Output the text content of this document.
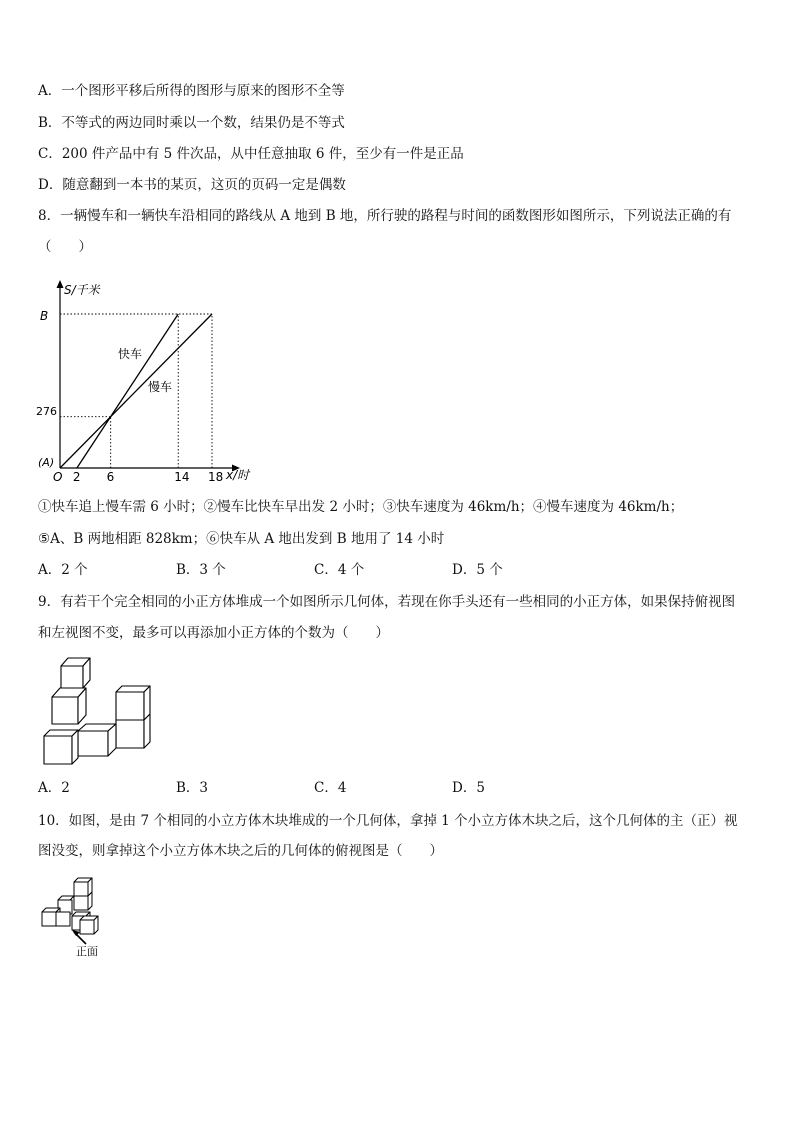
A．一个图形平移后所得的图形与原来的图形不全等
B．不等式的两边同时乘以一个数，结果仍是不等式
C．200 件产品中有 5 件次品，从中任意抽取 6 件，至少有一件是正品
D．随意翻到一本书的某页，这页的页码一定是偶数
8．一辆慢车和一辆快车沿相同的路线从 A 地到 B 地，所行驶的路程与时间的函数图形如图所示，下列说法正确的有
（　　）
S/千米
x/时
B
276
(A)
O
快车
慢车
2 6	14 18
①快车追上慢车需 6 小时；②慢车比快车早出发 2 小时；③快车速度为 46km/h；④慢车速度为 46km/h；
⑤A、B 两地相距 828km；⑥快车从 A 地出发到 B 地用了 14 小时
A．2 个	B．3 个	C．4 个	D．5 个
9．有若干个完全相同的小正方体堆成一个如图所示几何体，若现在你手头还有一些相同的小正方体，如果保持俯视图
和左视图不变，最多可以再添加小正方体的个数为（　　）
A．2	B．3	C．4	D．5
10．如图，是由 7 个相同的小立方体木块堆成的一个几何体，拿掉 1 个小立方体木块之后，这个几何体的主（正）视
图没变，则拿掉这个小立方体木块之后的几何体的俯视图是（　　）
正面
